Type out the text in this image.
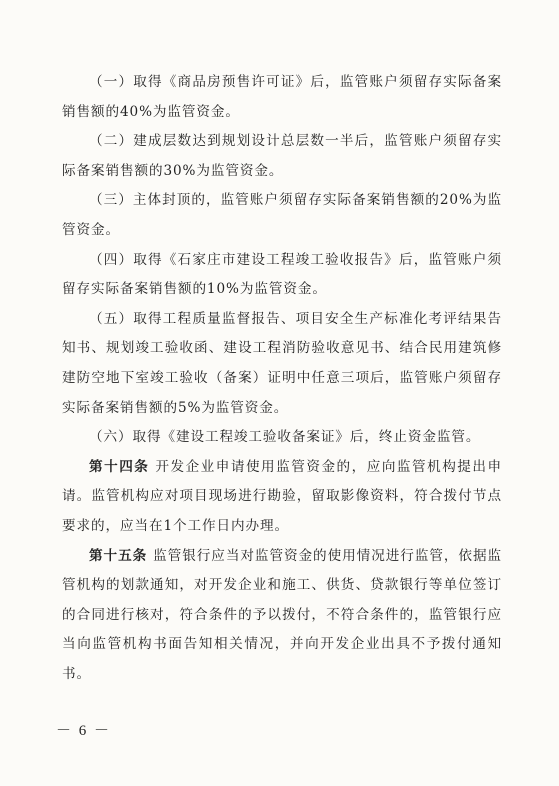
（一）取得《商品房预售许可证》后，监管账户须留存实际备案销售额的40%为监管资金。

（二）建成层数达到规划设计总层数一半后，监管账户须留存实际备案销售额的30%为监管资金。

（三）主体封顶的，监管账户须留存实际备案销售额的20%为监管资金。

（四）取得《石家庄市建设工程竣工验收报告》后，监管账户须留存实际备案销售额的10%为监管资金。

（五）取得工程质量监督报告、项目安全生产标准化考评结果告知书、规划竣工验收函、建设工程消防验收意见书、结合民用建筑修建防空地下室竣工验收（备案）证明中任意三项后，监管账户须留存实际备案销售额的5%为监管资金。

（六）取得《建设工程竣工验收备案证》后，终止资金监管。

第十四条 开发企业申请使用监管资金的，应向监管机构提出申请。监管机构应对项目现场进行勘验，留取影像资料，符合拨付节点要求的，应当在1个工作日内办理。

第十五条 监管银行应当对监管资金的使用情况进行监管，依据监管机构的划款通知，对开发企业和施工、供货、贷款银行等单位签订的合同进行核对，符合条件的予以拨付，不符合条件的，监管银行应当向监管机构书面告知相关情况，并向开发企业出具不予拨付通知书。

－ 6 －
